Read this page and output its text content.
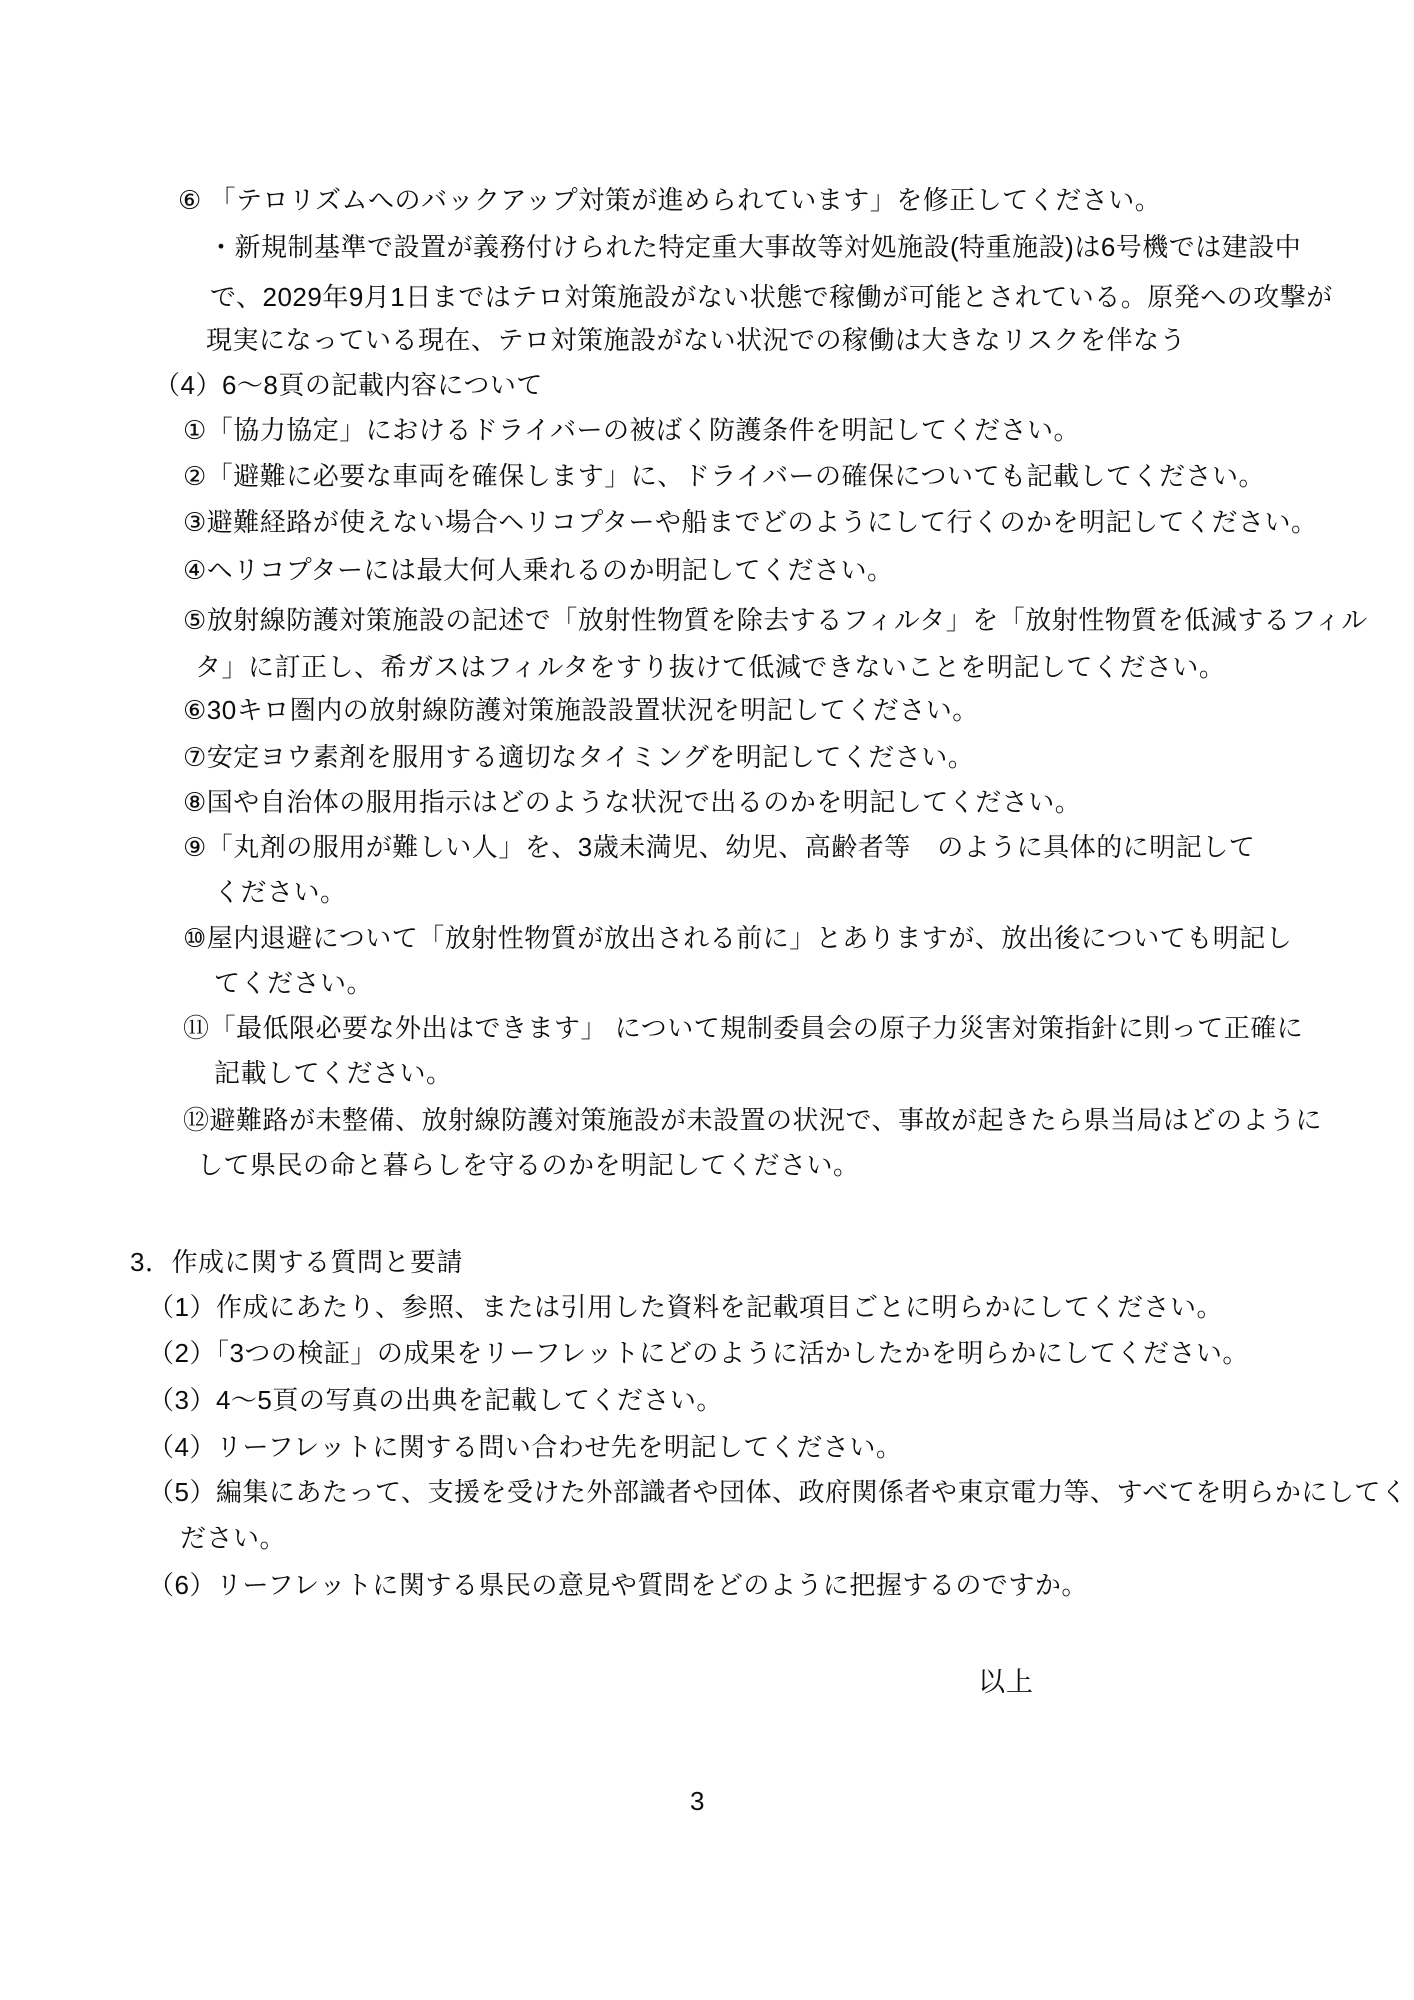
⑥ 「テロリズムへのバックアップ対策が進められています」を修正してください。
・新規制基準で設置が義務付けられた特定重大事故等対処施設(特重施設)は6号機では建設中
で、2029年9月1日まではテロ対策施設がない状態で稼働が可能とされている。原発への攻撃が
現実になっている現在、テロ対策施設がない状況での稼働は大きなリスクを伴なう
（4）6～8頁の記載内容について
①「協力協定」におけるドライバーの被ばく防護条件を明記してください。
②「避難に必要な車両を確保します」に、ドライバーの確保についても記載してください。
③避難経路が使えない場合ヘリコプターや船までどのようにして行くのかを明記してください。
④ヘリコプターには最大何人乗れるのか明記してください。
⑤放射線防護対策施設の記述で「放射性物質を除去するフィルタ」を「放射性物質を低減するフィル
タ」に訂正し、希ガスはフィルタをすり抜けて低減できないことを明記してください。
⑥30キロ圏内の放射線防護対策施設設置状況を明記してください。
⑦安定ヨウ素剤を服用する適切なタイミングを明記してください。
⑧国や自治体の服用指示はどのような状況で出るのかを明記してください。
⑨「丸剤の服用が難しい人」を、3歳未満児、幼児、高齢者等　のように具体的に明記して
ください。
⑩屋内退避について「放射性物質が放出される前に」とありますが、放出後についても明記し
てください。
⑪「最低限必要な外出はできます」 について規制委員会の原子力災害対策指針に則って正確に
記載してください。
⑫避難路が未整備、放射線防護対策施設が未設置の状況で、事故が起きたら県当局はどのように
して県民の命と暮らしを守るのかを明記してください。
3．作成に関する質問と要請
（1）作成にあたり、参照、または引用した資料を記載項目ごとに明らかにしてください。
（2）「3つの検証」の成果をリーフレットにどのように活かしたかを明らかにしてください。
（3）4～5頁の写真の出典を記載してください。
（4）リーフレットに関する問い合わせ先を明記してください。
（5）編集にあたって、支援を受けた外部識者や団体、政府関係者や東京電力等、すべてを明らかにしてく
ださい。
（6）リーフレットに関する県民の意見や質問をどのように把握するのですか。
以上
3
